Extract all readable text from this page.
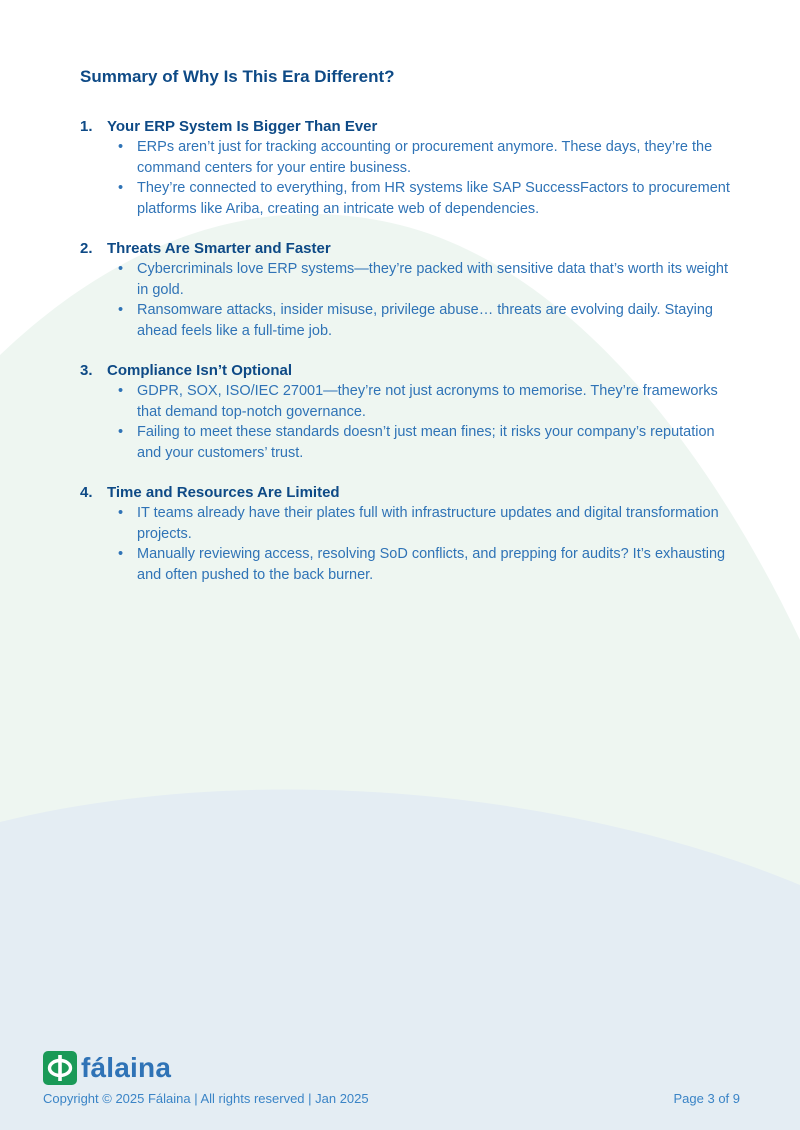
Summary of Why Is This Era Different?
1. Your ERP System Is Bigger Than Ever
• ERPs aren’t just for tracking accounting or procurement anymore. These days, they’re the command centers for your entire business.
• They’re connected to everything, from HR systems like SAP SuccessFactors to procurement platforms like Ariba, creating an intricate web of dependencies.
2. Threats Are Smarter and Faster
• Cybercriminals love ERP systems—they’re packed with sensitive data that’s worth its weight in gold.
• Ransomware attacks, insider misuse, privilege abuse… threats are evolving daily. Staying ahead feels like a full-time job.
3. Compliance Isn’t Optional
• GDPR, SOX, ISO/IEC 27001—they’re not just acronyms to memorise. They’re frameworks that demand top-notch governance.
• Failing to meet these standards doesn’t just mean fines; it risks your company’s reputation and your customers’ trust.
4. Time and Resources Are Limited
• IT teams already have their plates full with infrastructure updates and digital transformation projects.
• Manually reviewing access, resolving SoD conflicts, and prepping for audits? It’s exhausting and often pushed to the back burner.
fálaina
Copyright © 2025 Fálaina | All rights reserved | Jan 2025	Page 3 of 9
